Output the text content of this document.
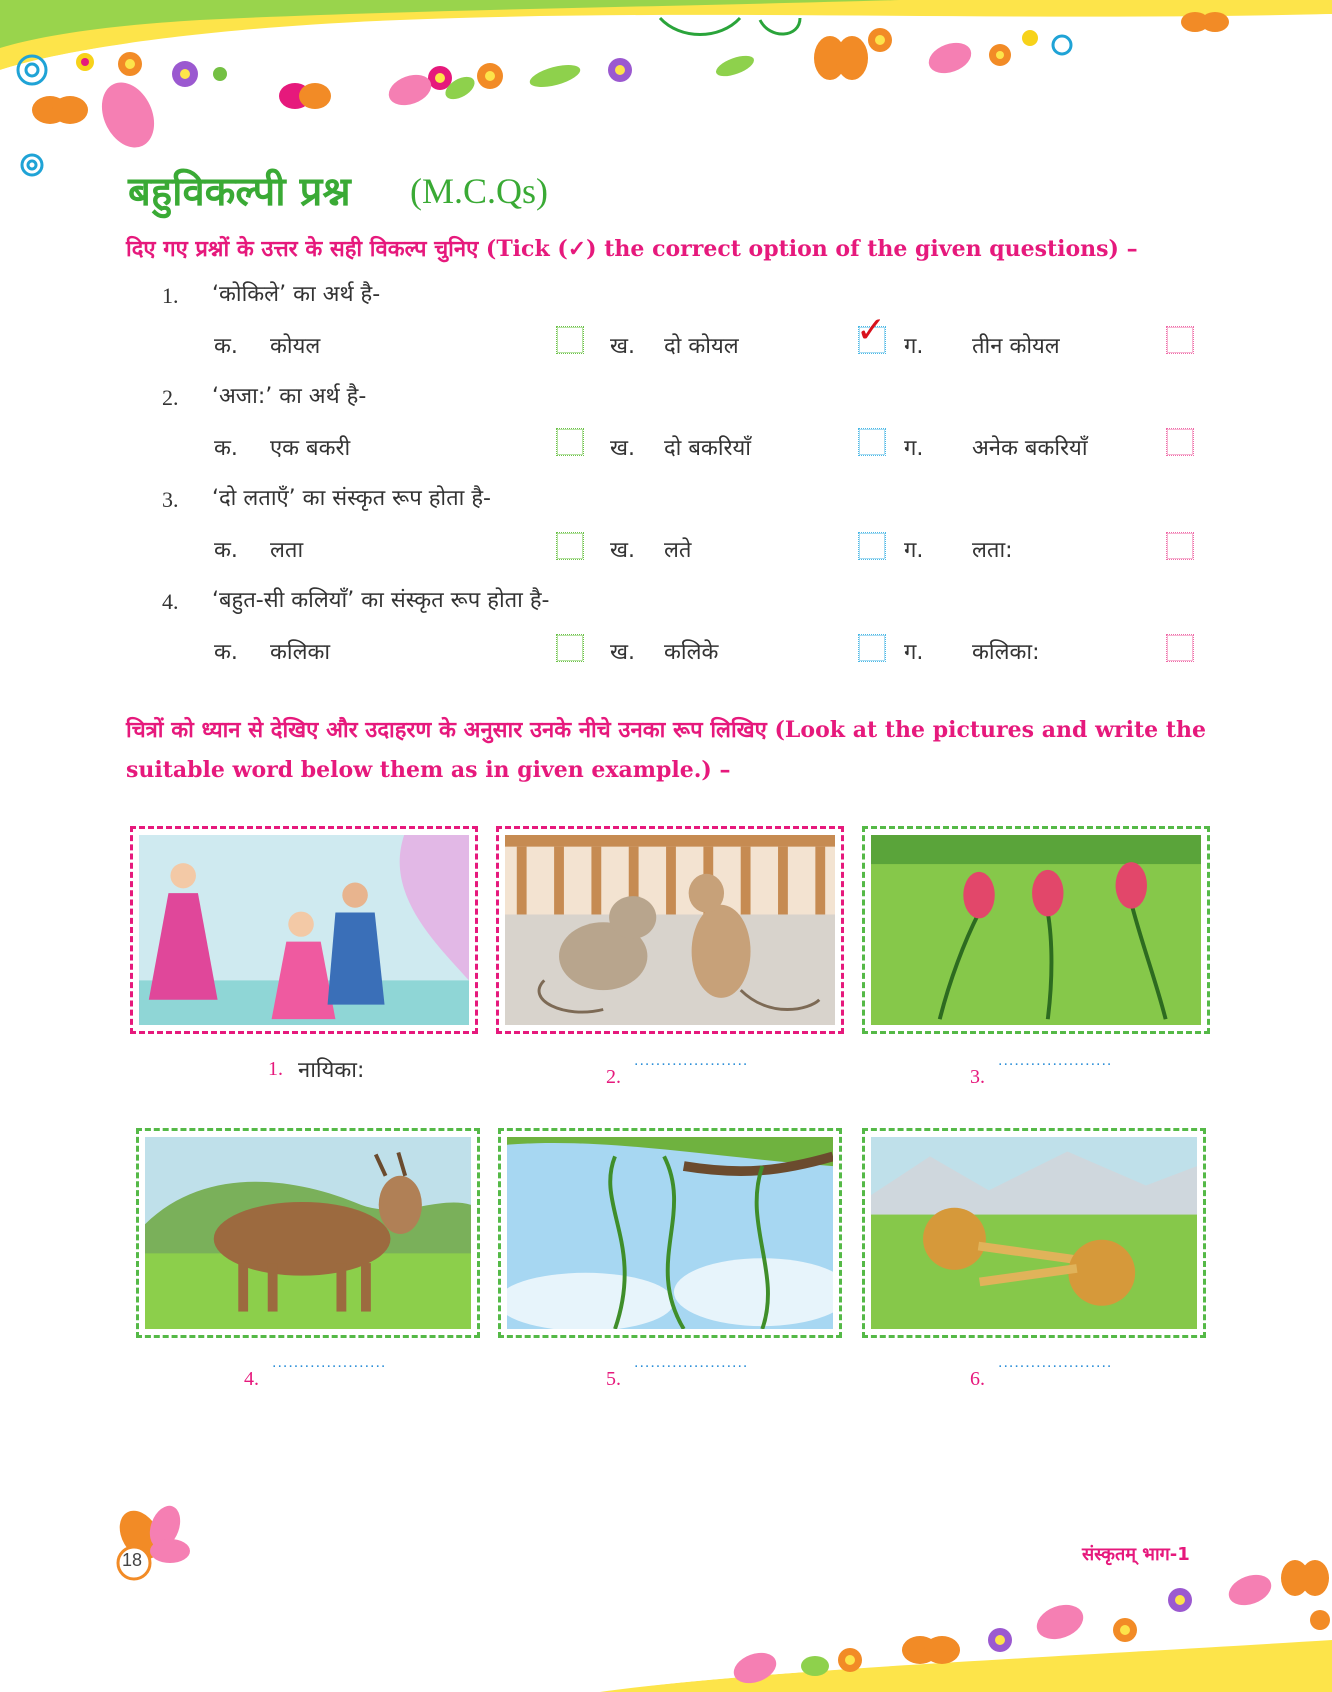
बहुविकल्पी प्रश्न (M.C.Qs)
दिए गए प्रश्नों के उत्तर के सही विकल्प चुनिए (Tick (✓) the correct option of the given questions) –
1. ‘कोकिले’ का अर्थ है-
क. कोयल	ख. दो कोयल	✓ ग. तीन कोयल
2. ‘अजा:’ का अर्थ है-
क. एक बकरी	ख. दो बकरियाँ	ग. अनेक बकरियाँ
3. ‘दो लताएँ’ का संस्कृत रूप होता है-
क. लता	ख. लते	ग. लता:
4. ‘बहुत-सी कलियाँ’ का संस्कृत रूप होता है-
क. कलिका	ख. कलिके	ग. कलिका:
चित्रों को ध्यान से देखिए और उदाहरण के अनुसार उनके नीचे उनका रूप लिखिए (Look at the pictures and write the suitable word below them as in given example.) –
1. नायिका:	2.
.....................
3.
.....................
4.
.....................
5.
.....................
6.
.....................
18	संस्कृतम् भाग-1
